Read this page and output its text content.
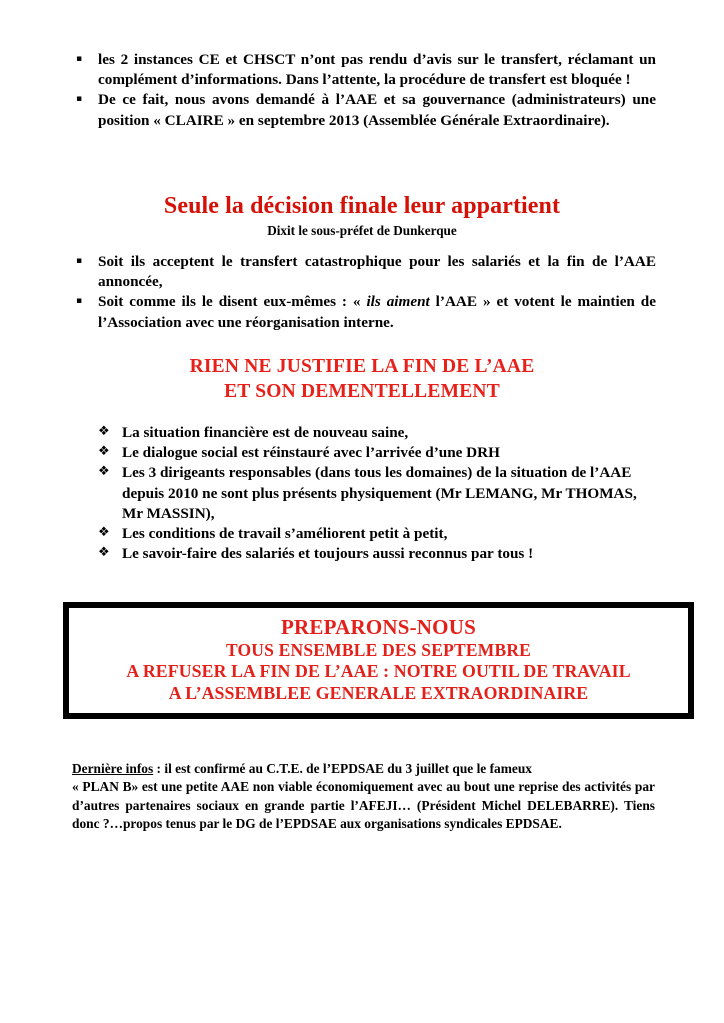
▪ les 2 instances CE et CHSCT n’ont pas rendu d’avis sur le transfert, réclamant un complément d’informations. Dans l’attente, la procédure de transfert est bloquée !
▪ De ce fait, nous avons demandé à l’AAE et sa gouvernance (administrateurs) une position « CLAIRE » en septembre 2013 (Assemblée Générale Extraordinaire).

Seule la décision finale leur appartient

Dixit le sous-préfet de Dunkerque

▪ Soit ils acceptent le transfert catastrophique pour les salariés et la fin de l’AAE annoncée,
▪ Soit comme ils le disent eux-mêmes : « ils aiment l’AAE » et votent le maintien de l’Association avec une réorganisation interne.

RIEN NE JUSTIFIE LA FIN DE L’AAE

ET SON DEMENTELLEMENT

❖ La situation financière est de nouveau saine,
❖ Le dialogue social est réinstauré avec l’arrivée d’une DRH
❖ Les 3 dirigeants responsables (dans tous les domaines) de la situation de l’AAE depuis 2010 ne sont plus présents physiquement (Mr LEMANG, Mr THOMAS, Mr MASSIN),
❖ Les conditions de travail s’améliorent petit à petit,
❖ Le savoir-faire des salariés et toujours aussi reconnus par tous !

PREPARONS-NOUS

TOUS ENSEMBLE DES SEPTEMBRE

A REFUSER LA FIN DE L’AAE : NOTRE OUTIL DE TRAVAIL

A L’ASSEMBLEE GENERALE EXTRAORDINAIRE

Dernière infos : il est confirmé au C.T.E. de l’EPDSAE du 3 juillet que le fameux
« PLAN B» est une petite AAE non viable économiquement avec au bout une reprise des activités par d’autres partenaires sociaux en grande partie l’AFEJI… (Président Michel DELEBARRE). Tiens donc ?…propos tenus par le DG de l’EPDSAE aux organisations syndicales EPDSAE.
